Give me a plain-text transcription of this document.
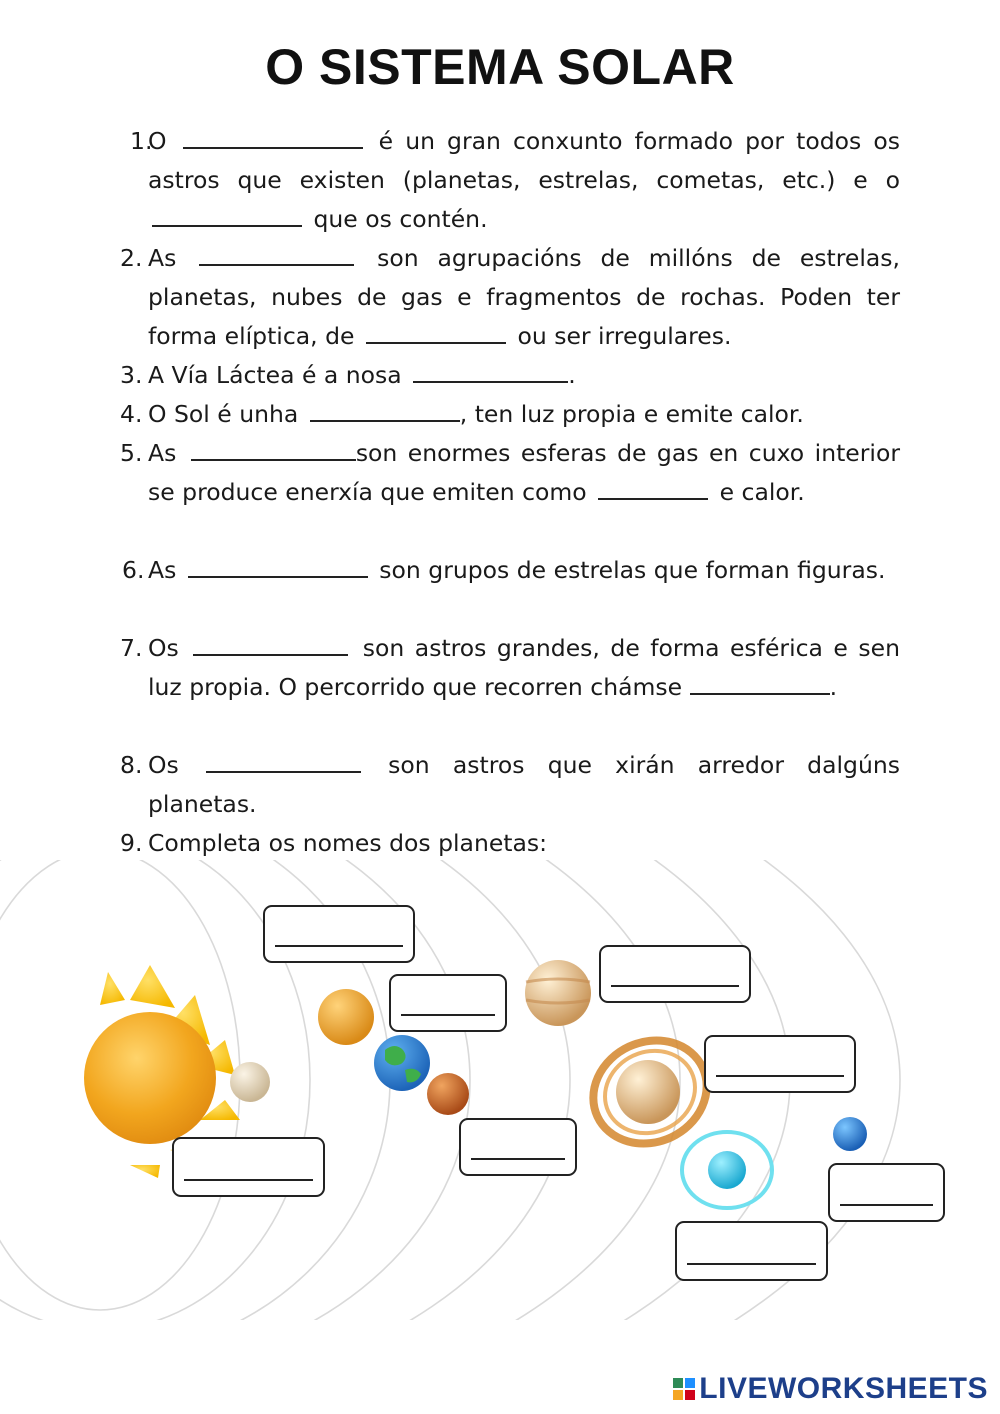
O SISTEMA SOLAR
1.
O	é un gran conxunto formado por todos os astros que existen (planetas, estrelas, cometas, etc.) e o  que os contén.
2. As	son agrupacións de millóns de estrelas, planetas, nubes de gas e fragmentos de rochas. Poden ter forma elíptica, de	ou ser irregulares.
3. A Vía Láctea é a nosa	.
4. O Sol é unha	, ten luz propia e emite calor.
5. As	son enormes esferas de gas en cuxo interior se produce enerxía que emiten como	e calor.
6. As	son grupos de estrelas que forman figuras.
7. Os	son astros grandes, de forma esférica e sen luz propia. O percorrido que recorren chámse	.
8. Os	son astros que xirán arredor dalgúns planetas.
9. Completa os nomes dos planetas:
LIVEWORKSHEETS
